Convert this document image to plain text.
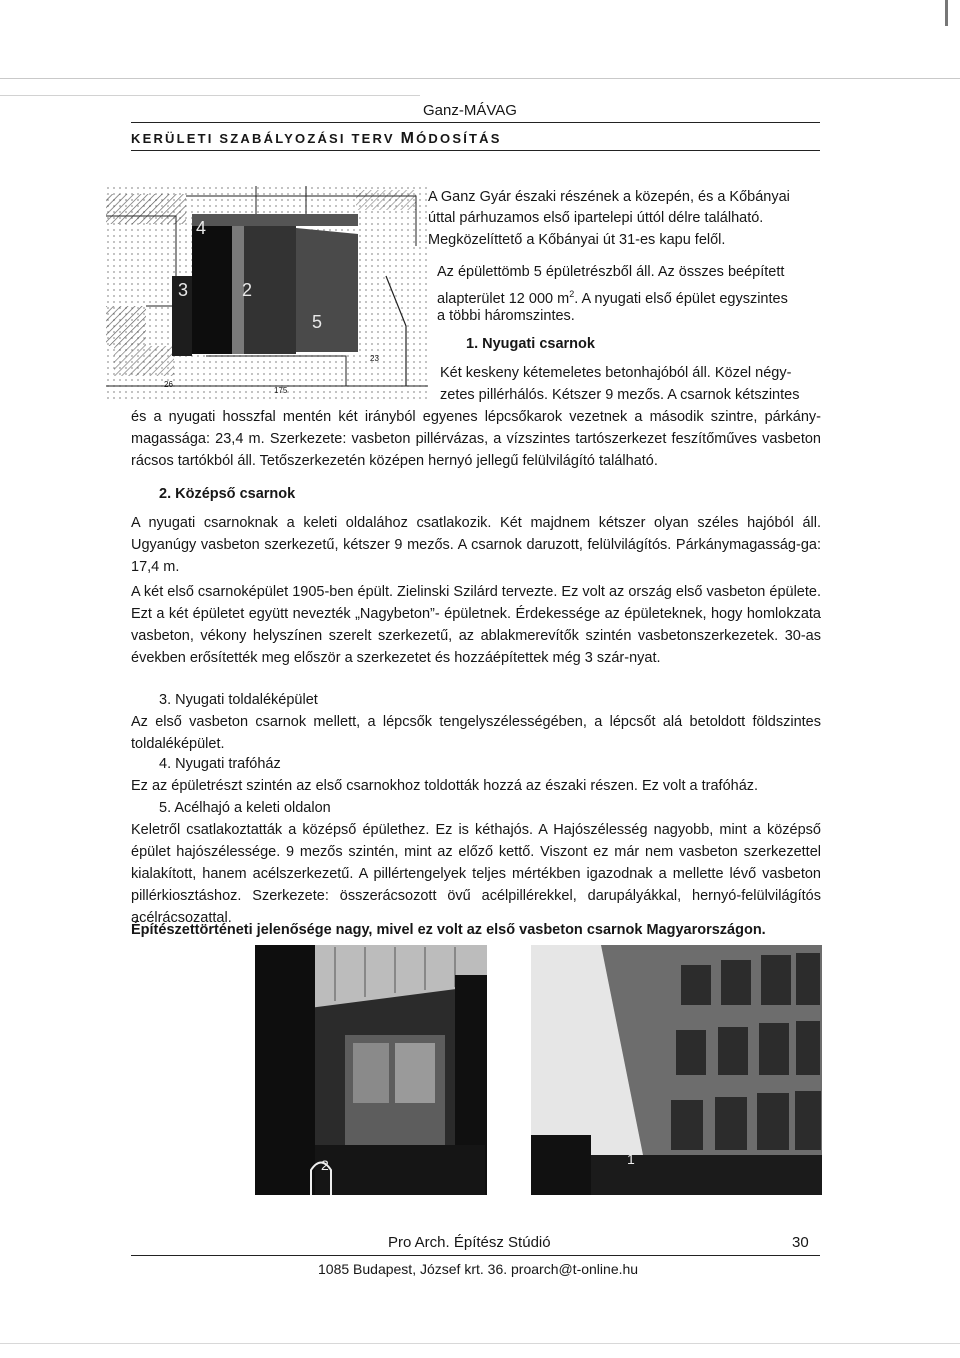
Ganz-MÁVAG
KERÜLETI SZABÁLYOZÁSI TERV MÓDOSÍTÁS
4
3	2
5
23
175
26
A Ganz Gyár északi részének a közepén, és a Kőbányai
úttal párhuzamos első ipartelepi úttól délre található.
Megközelíttető a Kőbányai út 31-es kapu felől.
Az épülettömb 5 épületrészből áll. Az összes beépített
alapterület 12 000 $m^2$. A nyugati első épület egyszintes
a többi háromszintes.
1. Nyugati csarnok
Két keskeny kétemeletes betonhajóból áll. Közel négy-
zetes pillérhálós. Kétszer 9 mezős. A csarnok kétszintes
és a nyugati hosszfal mentén két irányból egyenes lépcsőkarok vezetnek a második szintre, párkány-magassága: 23,4 m. Szerkezete: vasbeton pillérvázas, a vízszintes tartószerkezet feszítőműves vasbeton rácsos tartókból áll. Tetőszerkezetén középen hernyó jellegű felülvilágító található.
2. Középső csarnok
A nyugati csarnoknak a keleti oldalához csatlakozik. Két majdnem kétszer olyan széles hajóból áll. Ugyanúgy vasbeton szerkezetű, kétszer 9 mezős. A csarnok daruzott, felülvilágítós. Párkánymagasság-ga: 17,4 m.
A két első csarnoképület 1905-ben épült. Zielinski Szilárd tervezte. Ez volt az ország első vasbeton épülete. Ezt a két épületet együtt nevezték „Nagybeton”- épületnek. Érdekessége az épületeknek, hogy homlokzata vasbeton, vékony helyszínen szerelt szerkezetű, az ablakmerevítők szintén vasbetonszerkezetek. 30-as években erősítették meg először a szerkezetet és hozzáépítettek még 3 szár-nyat.
3. Nyugati toldaléképület
Az első vasbeton csarnok mellett, a lépcsők tengelyszélességében, a lépcsőt alá betoldott földszintes toldaléképület.
4. Nyugati trafóház
Ez az épületrészt szintén az első csarnokhoz toldották hozzá az északi részen. Ez volt a trafóház.
5. Acélhajó a keleti oldalon
Keletről csatlakoztatták a középső épülethez. Ez is kéthajós. A Hajószélesség nagyobb, mint a középső épület hajószélessége. 9 mezős szintén, mint az előző kettő. Viszont ez már nem vasbeton szerkezettel kialakított, hanem acélszerkezetű. A pillértengelyek teljes mértékben igazodnak a mellette lévő vasbeton pillérkiosztáshoz. Szerkezete: összerácsozott övű acélpillérekkel, darupályákkal, hernyó-felülvilágítós acélrácsozattal.
Építészettörténeti jelenősége nagy, mivel ez volt az első vasbeton csarnok Magyarországon.
2	1
Pro Arch. Építész Stúdió	30
1085 Budapest, József krt. 36. proarch@t-online.hu
